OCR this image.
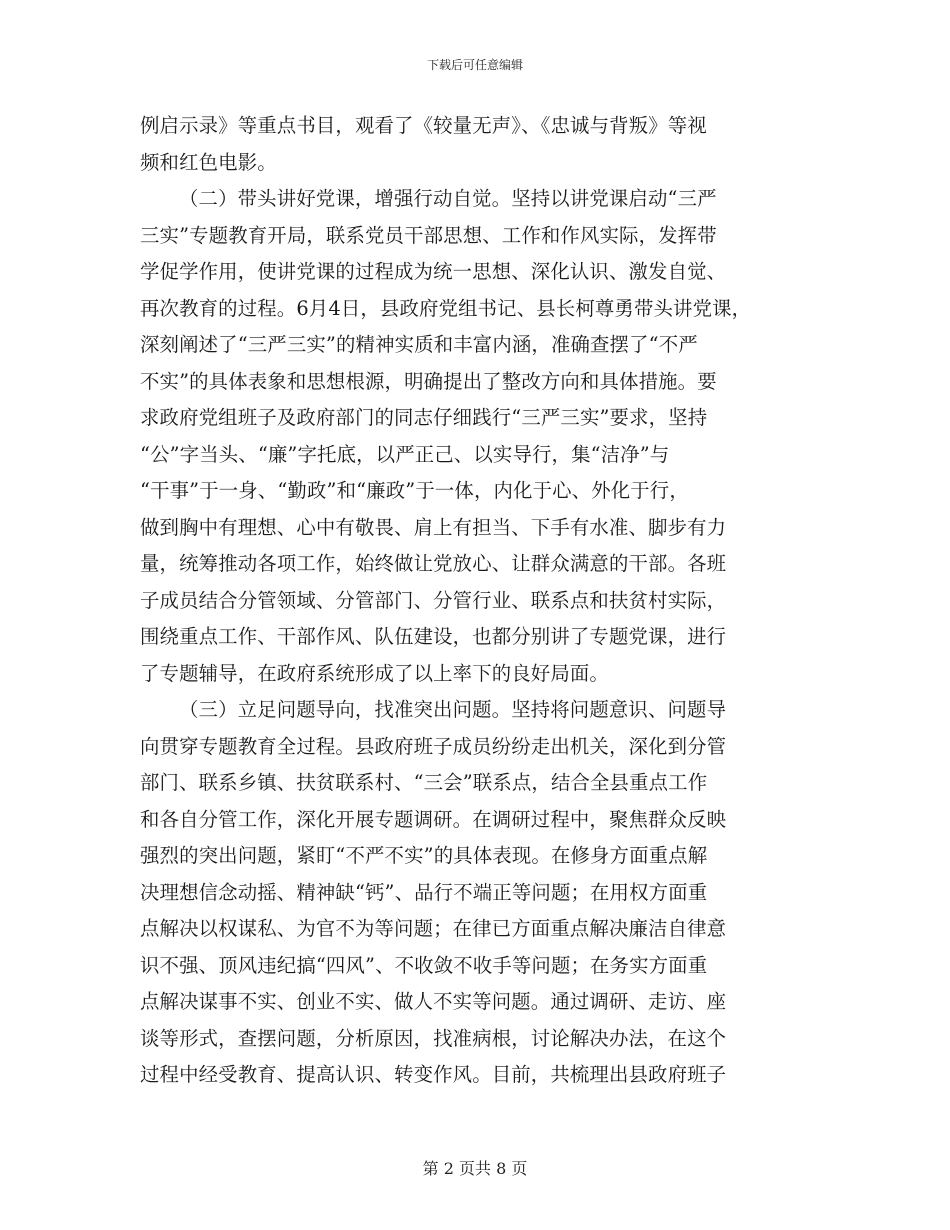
下载后可任意编辑
例启示录》等重点书目，观看了《较量无声》、《忠诚与背叛》等视
频和红色电影。
（二）带头讲好党课，增强行动自觉。坚持以讲党课启动“三严
三实”专题教育开局，联系党员干部思想、工作和作风实际，发挥带
学促学作用，使讲党课的过程成为统一思想、深化认识、激发自觉、
再次教育的过程。6月4日，县政府党组书记、县长柯尊勇带头讲党课，
深刻阐述了“三严三实”的精神实质和丰富内涵，准确查摆了“不严
不实”的具体表象和思想根源，明确提出了整改方向和具体措施。要
求政府党组班子及政府部门的同志仔细践行“三严三实”要求，坚持
“公”字当头、“廉”字托底，以严正己、以实导行，集“洁净”与
“干事”于一身、“勤政”和“廉政”于一体，内化于心、外化于行，
做到胸中有理想、心中有敬畏、肩上有担当、下手有水准、脚步有力
量，统筹推动各项工作，始终做让党放心、让群众满意的干部。各班
子成员结合分管领域、分管部门、分管行业、联系点和扶贫村实际，
围绕重点工作、干部作风、队伍建设，也都分别讲了专题党课，进行
了专题辅导，在政府系统形成了以上率下的良好局面。
（三）立足问题导向，找准突出问题。坚持将问题意识、问题导
向贯穿专题教育全过程。县政府班子成员纷纷走出机关，深化到分管
部门、联系乡镇、扶贫联系村、“三会”联系点，结合全县重点工作
和各自分管工作，深化开展专题调研。在调研过程中，聚焦群众反映
强烈的突出问题，紧盯“不严不实”的具体表现。在修身方面重点解
决理想信念动摇、精神缺“钙”、品行不端正等问题；在用权方面重
点解决以权谋私、为官不为等问题；在律已方面重点解决廉洁自律意
识不强、顶风违纪搞“四风”、不收敛不收手等问题；在务实方面重
点解决谋事不实、创业不实、做人不实等问题。通过调研、走访、座
谈等形式，查摆问题，分析原因，找准病根，讨论解决办法，在这个
过程中经受教育、提高认识、转变作风。目前，共梳理出县政府班子
第 2 页共 8 页
